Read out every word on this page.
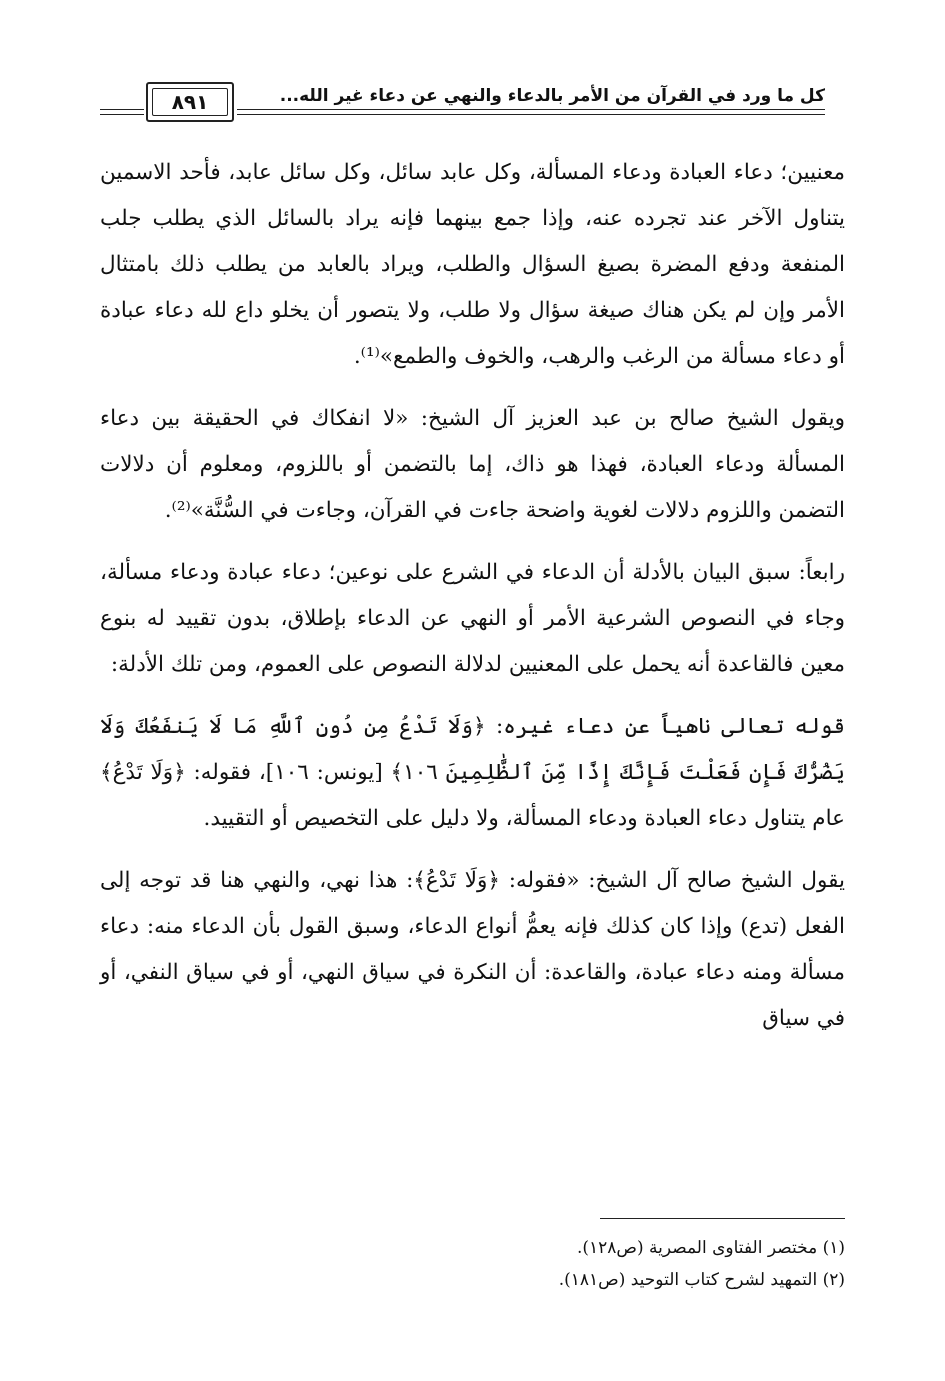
كل ما ورد في القرآن من الأمر بالدعاء والنهي عن دعاء غير الله...
٨٩١

معنيين؛ دعاء العبادة ودعاء المسألة، وكل عابد سائل، وكل سائل عابد، فأحد الاسمين يتناول الآخر عند تجرده عنه، وإذا جمع بينهما فإنه يراد بالسائل الذي يطلب جلب المنفعة ودفع المضرة بصيغ السؤال والطلب، ويراد بالعابد من يطلب ذلك بامتثال الأمر وإن لم يكن هناك صيغة سؤال ولا طلب، ولا يتصور أن يخلو داع لله دعاء عبادة أو دعاء مسألة من الرغب والرهب، والخوف والطمع»⁽¹⁾.

ويقول الشيخ صالح بن عبد العزيز آل الشيخ: «لا انفكاك في الحقيقة بين دعاء المسألة ودعاء العبادة، فهذا هو ذاك، إما بالتضمن أو باللزوم، ومعلوم أن دلالات التضمن واللزوم دلالات لغوية واضحة جاءت في القرآن، وجاءت في السُّنَّة»⁽²⁾.

رابعاً: سبق البيان بالأدلة أن الدعاء في الشرع على نوعين؛ دعاء عبادة ودعاء مسألة، وجاء في النصوص الشرعية الأمر أو النهي عن الدعاء بإطلاق، بدون تقييد له بنوع معين فالقاعدة أنه يحمل على المعنيين لدلالة النصوص على العموم، ومن تلك الأدلة:

قوله تعالى ناهياً عن دعاء غيره: ﴿وَلَا تَدْعُ مِن دُونِ ٱللَّهِ مَا لَا يَنفَعُكَ وَلَا يَضُرُّكَ فَإِن فَعَلْتَ فَإِنَّكَ إِذًا مِّنَ ٱلظَّٰلِمِينَ ١٠٦﴾ [يونس: ١٠٦]، فقوله: ﴿وَلَا تَدْعُ﴾ عام يتناول دعاء العبادة ودعاء المسألة، ولا دليل على التخصيص أو التقييد.

يقول الشيخ صالح آل الشيخ: «فقوله: ﴿وَلَا تَدْعُ﴾: هذا نهي، والنهي هنا قد توجه إلى الفعل (تدع) وإذا كان كذلك فإنه يعمُّ أنواع الدعاء، وسبق القول بأن الدعاء منه: دعاء مسألة ومنه دعاء عبادة، والقاعدة: أن النكرة في سياق النهي، أو في سياق النفي، أو في سياق

(١) مختصر الفتاوى المصرية (ص١٢٨).
(٢) التمهيد لشرح كتاب التوحيد (ص١٨١).
